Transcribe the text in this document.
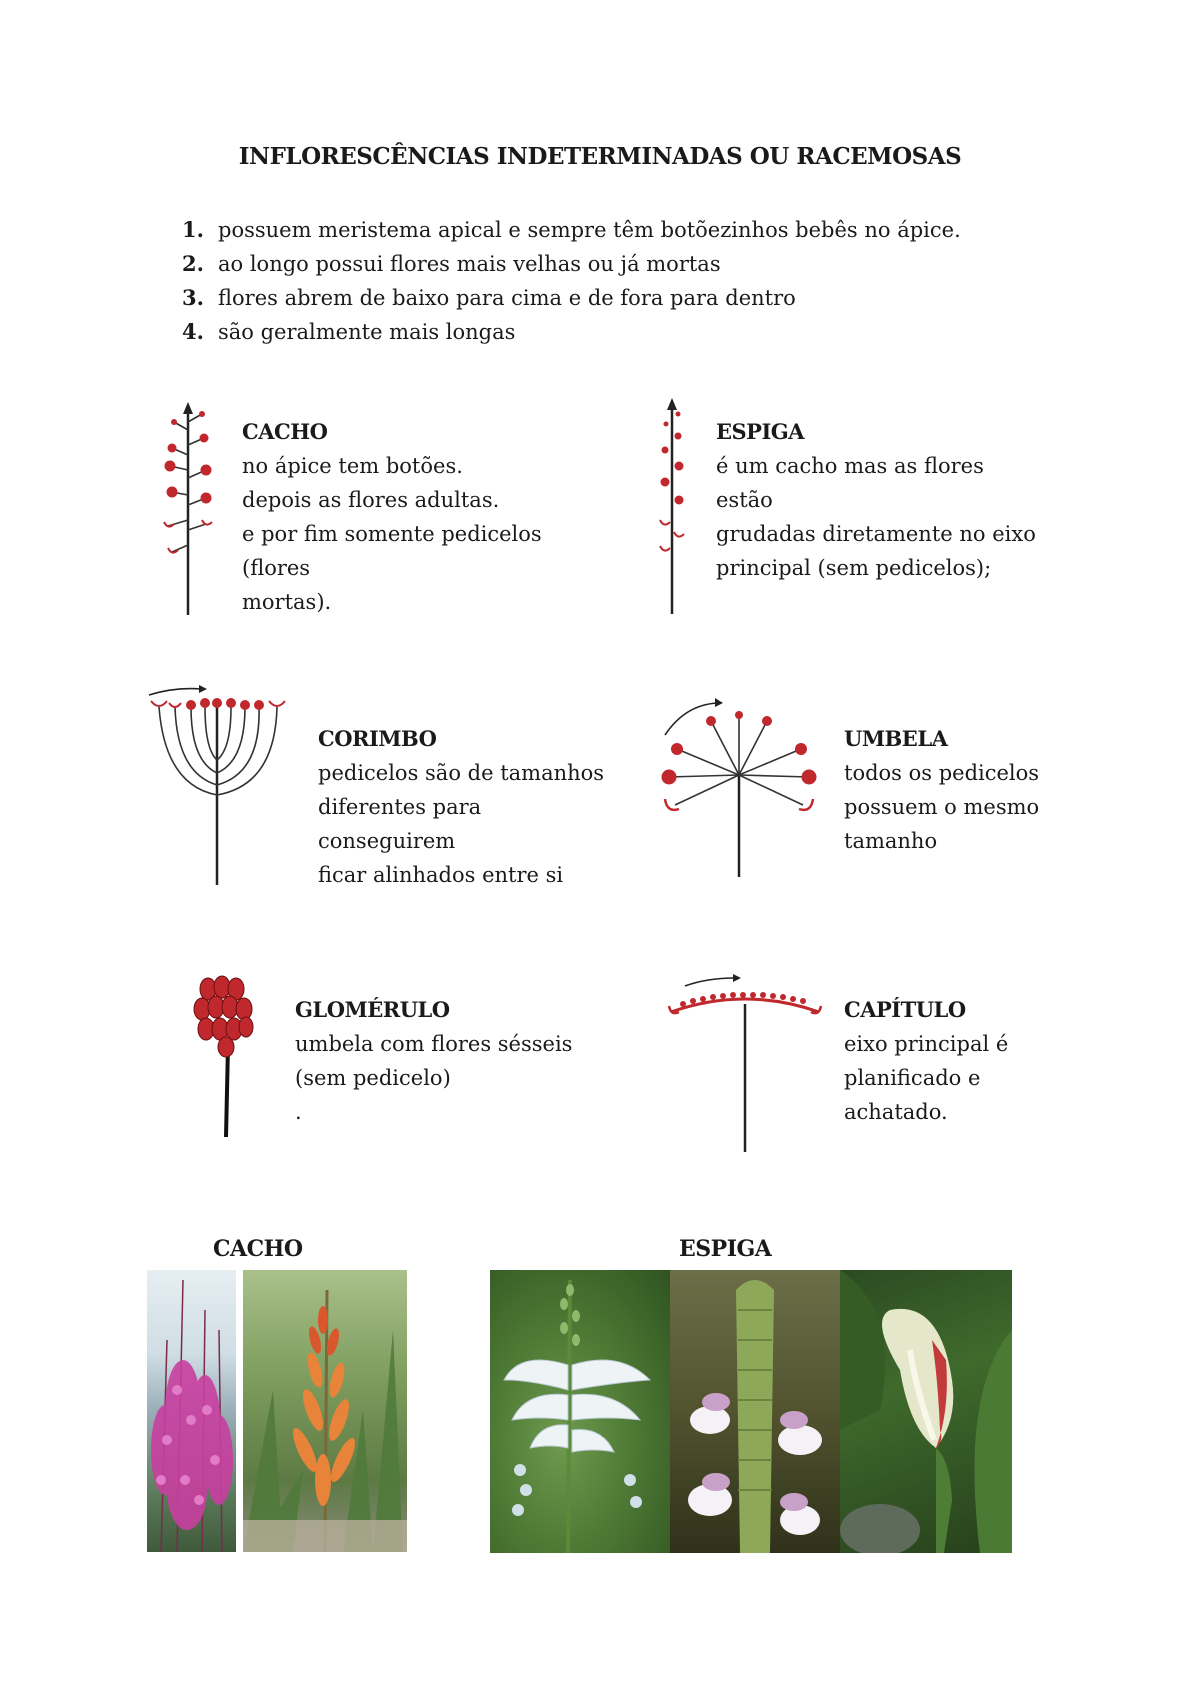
INFLORESCÊNCIAS INDETERMINADAS OU RACEMOSAS
1. possuem meristema apical e sempre têm botõezinhos bebês no ápice.
2. ao longo possui flores mais velhas ou já mortas
3. flores abrem de baixo para cima e de fora para dentro
4. são geralmente mais longas
CACHO
no ápice tem botões.
depois as flores adultas.
e por fim somente pedicelos (flores
mortas).
ESPIGA
é um cacho mas as flores estão
grudadas diretamente no eixo
principal (sem pedicelos);
CORIMBO
pedicelos são de tamanhos
diferentes para conseguirem
ficar alinhados entre si
UMBELA
todos os pedicelos
possuem o mesmo
tamanho
GLOMÉRULO
umbela com flores sésseis
(sem pedicelo)
.
CAPÍTULO
eixo principal é
planificado e
achatado.
CACHO	ESPIGA
